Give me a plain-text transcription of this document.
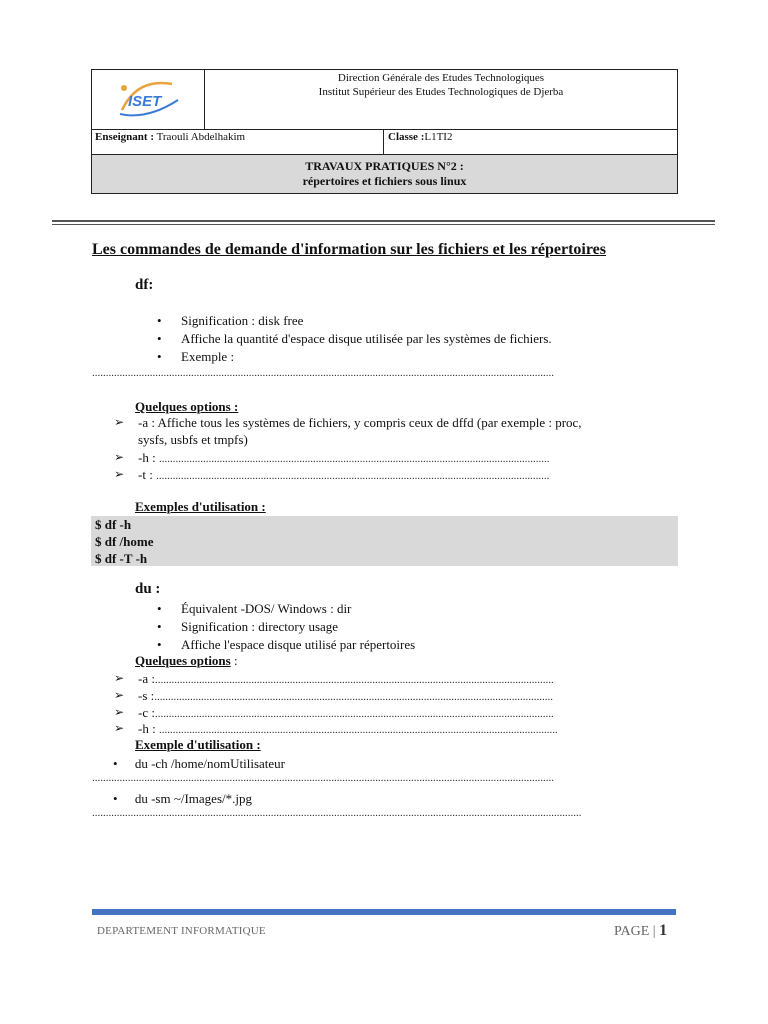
ISET
Direction Générale des Etudes Technologiques
Institut Supérieur des Etudes Technologiques de Djerba
Enseignant : Traouli Abdelhakim	Classe :L1TI2
TRAVAUX PRATIQUES N°2 :
répertoires et fichiers sous linux
Les commandes de demande d'information sur les fichiers et les répertoires
df:
• Signification : disk free
• Affiche la quantité d'espace disque utilisée par les systèmes de fichiers.
• Exemple :
........................................................................................................................................................................
Quelques options :
➢	-a : Affiche tous les systèmes de fichiers, y compris ceux de dffd (par exemple : proc,
sysfs, usbfs et tmpfs)
➢ -h : ..............................................................................................................................................
➢ -t : ...............................................................................................................................................
Exemples d'utilisation :
$ df -h
$ df /home
$ df -T -h
du :
• Équivalent -DOS/ Windows : dir
• Signification : directory usage
• Affiche l'espace disque utilisé par répertoires
Quelques options :
➢ -a :.................................................................................................................................................
➢ -s :.................................................................................................................................................
➢ -c :.................................................................................................................................................
➢ -h : .................................................................................................................................................
Exemple d'utilisation :
• du -ch /home/nomUtilisateur
........................................................................................................................................................................
• du -sm ~/Images/*.jpg
..................................................................................................................................................................................
DEPARTEMENT INFORMATIQUE	PAGE | 1
